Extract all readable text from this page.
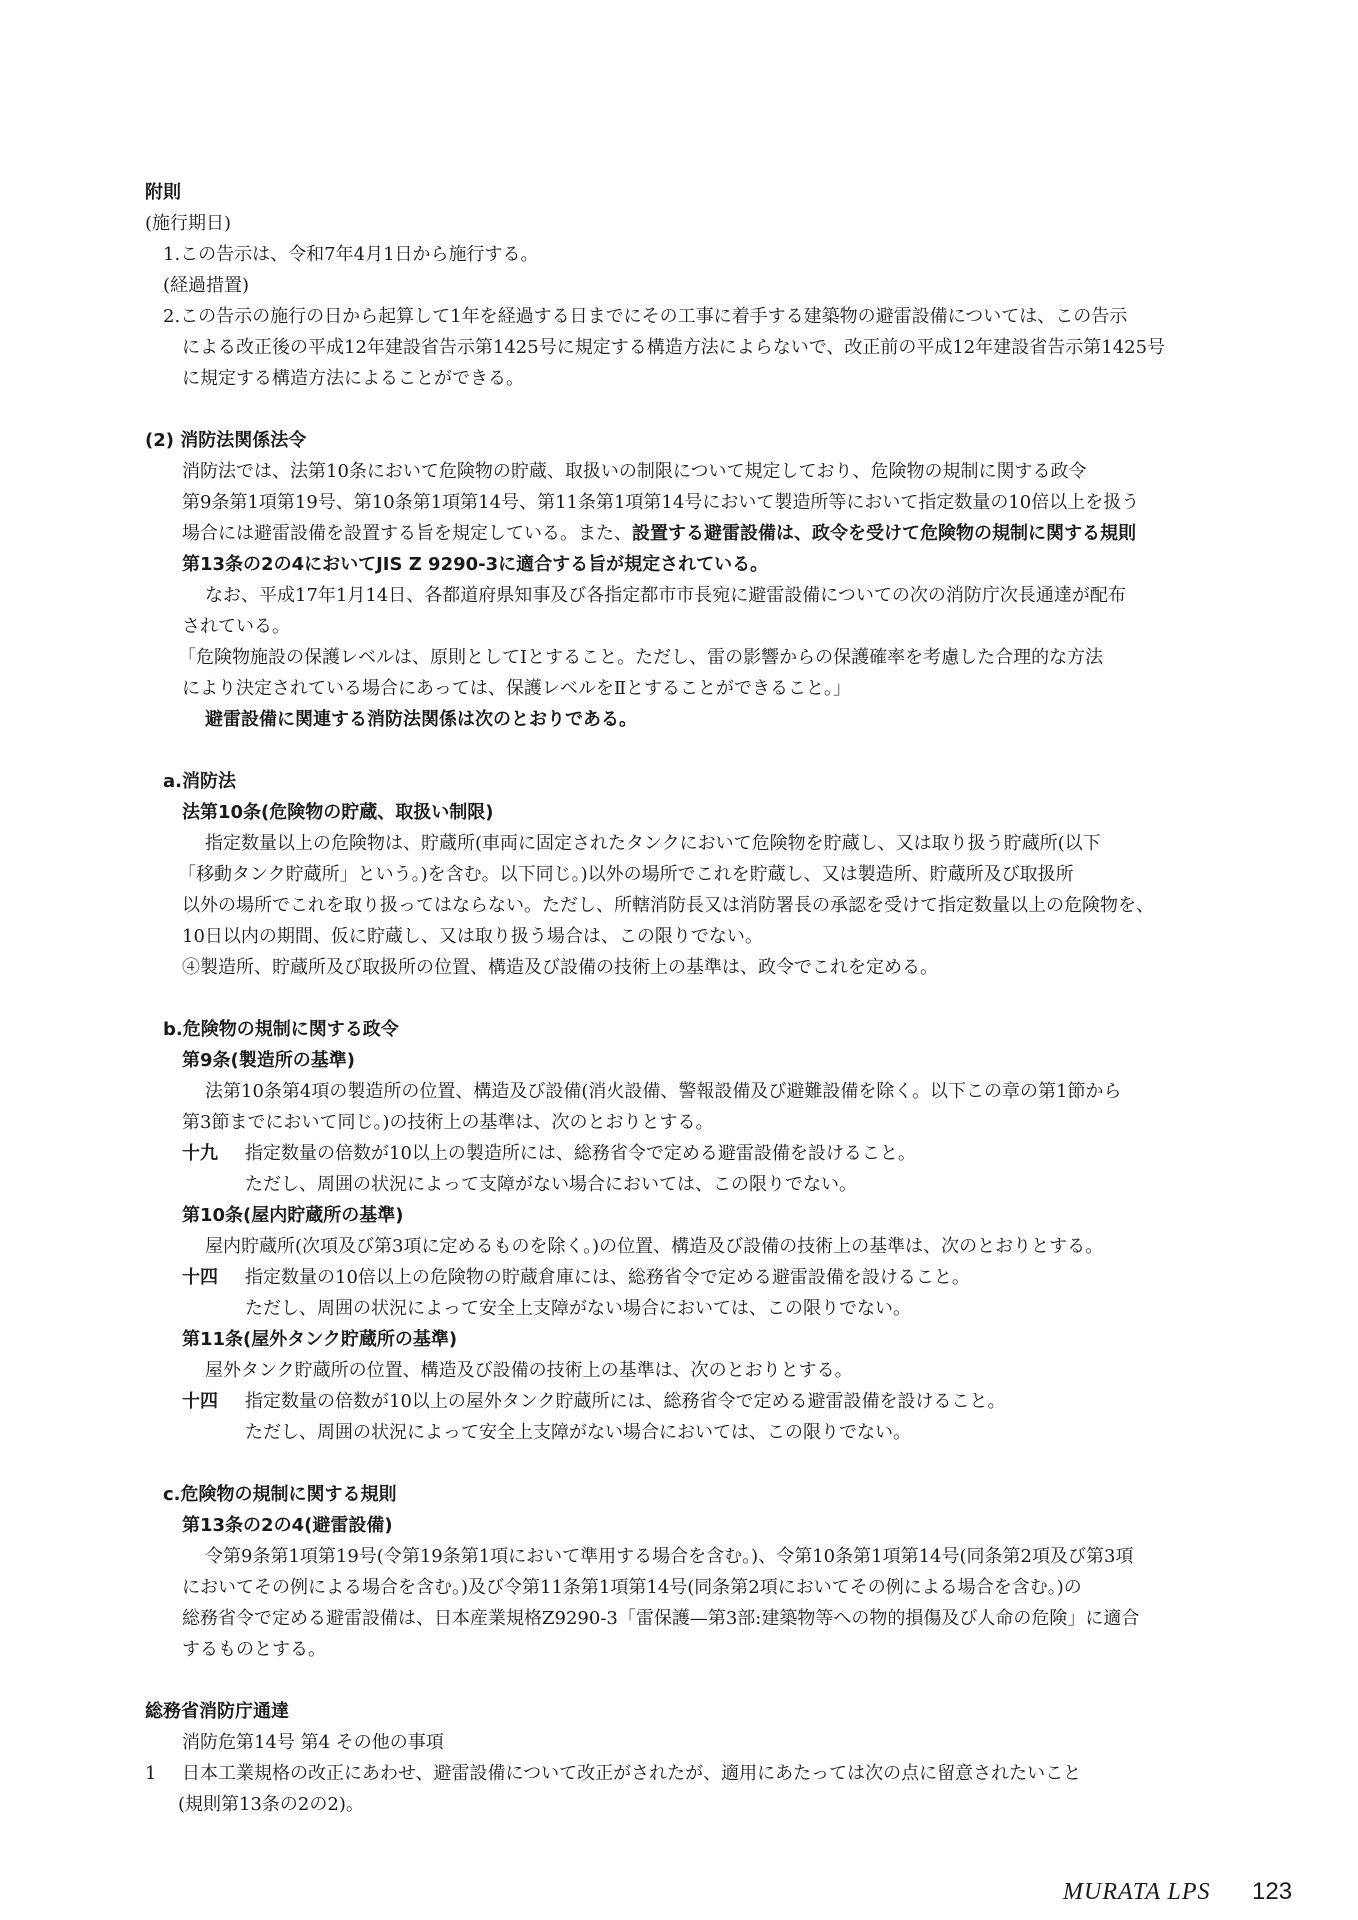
附則
(施行期日)
1.この告示は、令和7年4月1日から施行する。
(経過措置)
2.この告示の施行の日から起算して1年を経過する日までにその工事に着手する建築物の避雷設備については、この告示
による改正後の平成12年建設省告示第1425号に規定する構造方法によらないで、改正前の平成12年建設省告示第1425号
に規定する構造方法によることができる。
(2) 消防法関係法令
消防法では、法第10条において危険物の貯蔵、取扱いの制限について規定しており、危険物の規制に関する政令
第9条第1項第19号、第10条第1項第14号、第11条第1項第14号において製造所等において指定数量の10倍以上を扱う
場合には避雷設備を設置する旨を規定している。また、設置する避雷設備は、政令を受けて危険物の規制に関する規則
第13条の2の4においてJIS Z 9290-3に適合する旨が規定されている。
なお、平成17年1月14日、各都道府県知事及び各指定都市市長宛に避雷設備についての次の消防庁次長通達が配布
されている。
「危険物施設の保護レベルは、原則としてⅠとすること。ただし、雷の影響からの保護確率を考慮した合理的な方法
により決定されている場合にあっては、保護レベルをⅡとすることができること。」
避雷設備に関連する消防法関係は次のとおりである。
a.消防法
法第10条(危険物の貯蔵、取扱い制限)
指定数量以上の危険物は、貯蔵所(車両に固定されたタンクにおいて危険物を貯蔵し、又は取り扱う貯蔵所(以下
「移動タンク貯蔵所」という。)を含む。以下同じ。)以外の場所でこれを貯蔵し、又は製造所、貯蔵所及び取扱所
以外の場所でこれを取り扱ってはならない。ただし、所轄消防長又は消防署長の承認を受けて指定数量以上の危険物を、
10日以内の期間、仮に貯蔵し、又は取り扱う場合は、この限りでない。
④製造所、貯蔵所及び取扱所の位置、構造及び設備の技術上の基準は、政令でこれを定める。
b.危険物の規制に関する政令
第9条(製造所の基準)
法第10条第4項の製造所の位置、構造及び設備(消火設備、警報設備及び避難設備を除く。以下この章の第1節から
第3節までにおいて同じ。)の技術上の基準は、次のとおりとする。
十九 指定数量の倍数が10以上の製造所には、総務省令で定める避雷設備を設けること。
ただし、周囲の状況によって支障がない場合においては、この限りでない。
第10条(屋内貯蔵所の基準)
屋内貯蔵所(次項及び第3項に定めるものを除く。)の位置、構造及び設備の技術上の基準は、次のとおりとする。
十四 指定数量の10倍以上の危険物の貯蔵倉庫には、総務省令で定める避雷設備を設けること。
ただし、周囲の状況によって安全上支障がない場合においては、この限りでない。
第11条(屋外タンク貯蔵所の基準)
屋外タンク貯蔵所の位置、構造及び設備の技術上の基準は、次のとおりとする。
十四 指定数量の倍数が10以上の屋外タンク貯蔵所には、総務省令で定める避雷設備を設けること。
ただし、周囲の状況によって安全上支障がない場合においては、この限りでない。
c.危険物の規制に関する規則
第13条の2の4(避雷設備)
令第9条第1項第19号(令第19条第1項において準用する場合を含む。)、令第10条第1項第14号(同条第2項及び第3項
においてその例による場合を含む。)及び令第11条第1項第14号(同条第2項においてその例による場合を含む。)の
総務省令で定める避雷設備は、日本産業規格Z9290-3「雷保護—第3部:建築物等への物的損傷及び人命の危険」に適合
するものとする。
総務省消防庁通達
消防危第14号 第4 その他の事項
1 日本工業規格の改正にあわせ、避雷設備について改正がされたが、適用にあたっては次の点に留意されたいこと
(規則第13条の2の2)。
MURATA LPS 123
